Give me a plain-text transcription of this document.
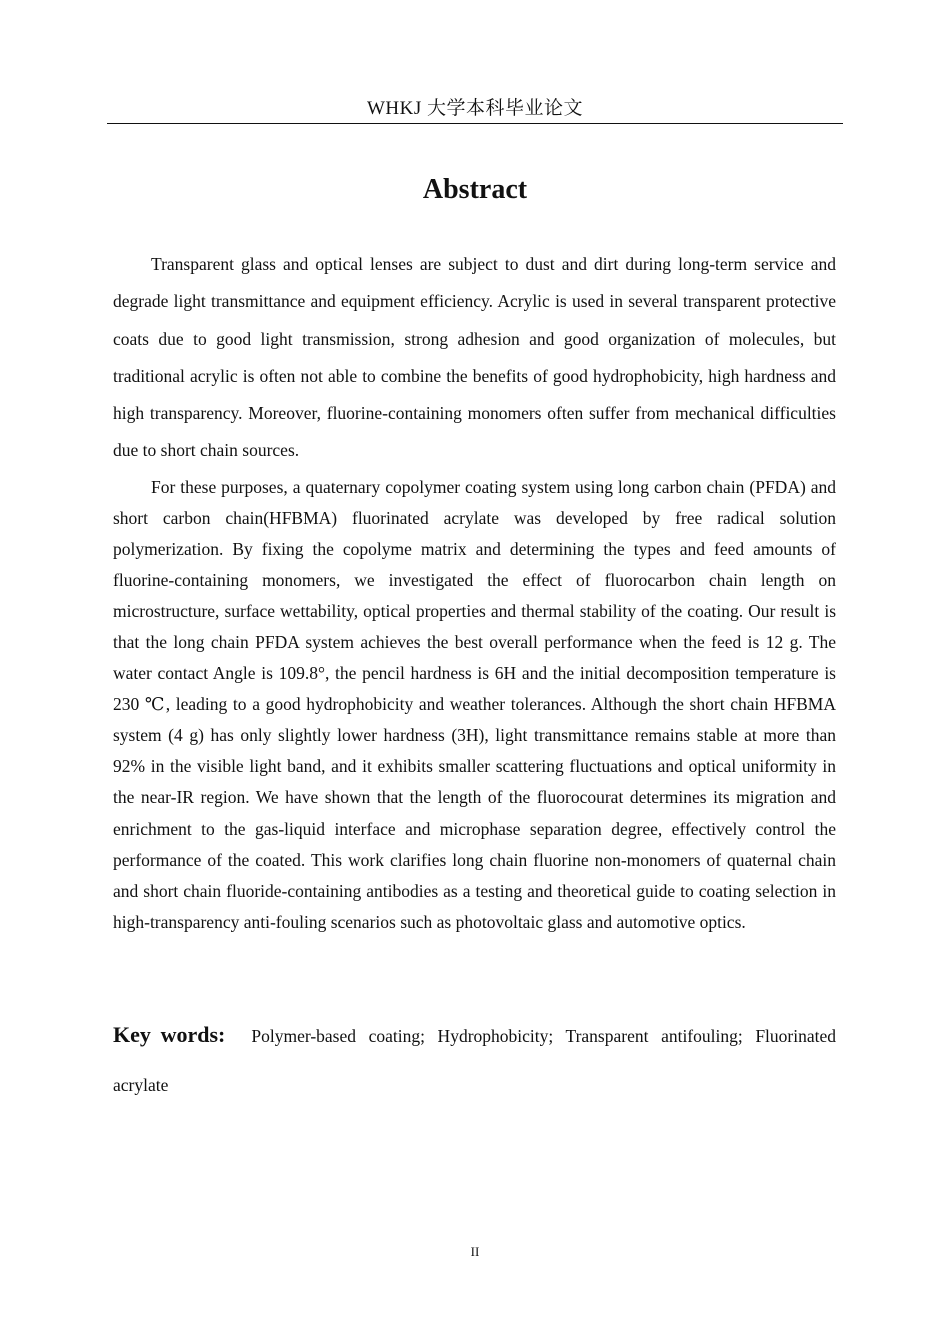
WHKJ 大学本科毕业论文
Abstract

Transparent glass and optical lenses are subject to dust and dirt during long-term service and degrade light transmittance and equipment efficiency. Acrylic is used in several transparent protective coats due to good light transmission, strong adhesion and good organization of molecules, but traditional acrylic is often not able to combine the benefits of good hydrophobicity, high hardness and high transparency. Moreover, fluorine-containing monomers often suffer from mechanical difficulties due to short chain sources.

For these purposes, a quaternary copolymer coating system using long carbon chain (PFDA) and short carbon chain(HFBMA) fluorinated acrylate was developed by free radical solution polymerization. By fixing the copolyme matrix and determining the types and feed amounts of fluorine-containing monomers, we investigated the effect of fluorocarbon chain length on microstructure, surface wettability, optical properties and thermal stability of the coating. Our result is that the long chain PFDA system achieves the best overall performance when the feed is 12 g. The water contact Angle is 109.8°, the pencil hardness is 6H and the initial decomposition temperature is 230 ℃, leading to a good hydrophobicity and weather tolerances. Although the short chain HFBMA system (4 g) has only slightly lower hardness (3H), light transmittance remains stable at more than 92% in the visible light band, and it exhibits smaller scattering fluctuations and optical uniformity in the near-IR region. We have shown that the length of the fluorocourat determines its migration and enrichment to the gas-liquid interface and microphase separation degree, effectively control the performance of the coated. This work clarifies long chain fluorine non-monomers of quaternal chain and short chain fluoride-containing antibodies as a testing and theoretical guide to coating selection in high-transparency anti-fouling scenarios such as photovoltaic glass and automotive optics.

Key words: Polymer-based coating; Hydrophobicity; Transparent antifouling; Fluorinated acrylate

II
